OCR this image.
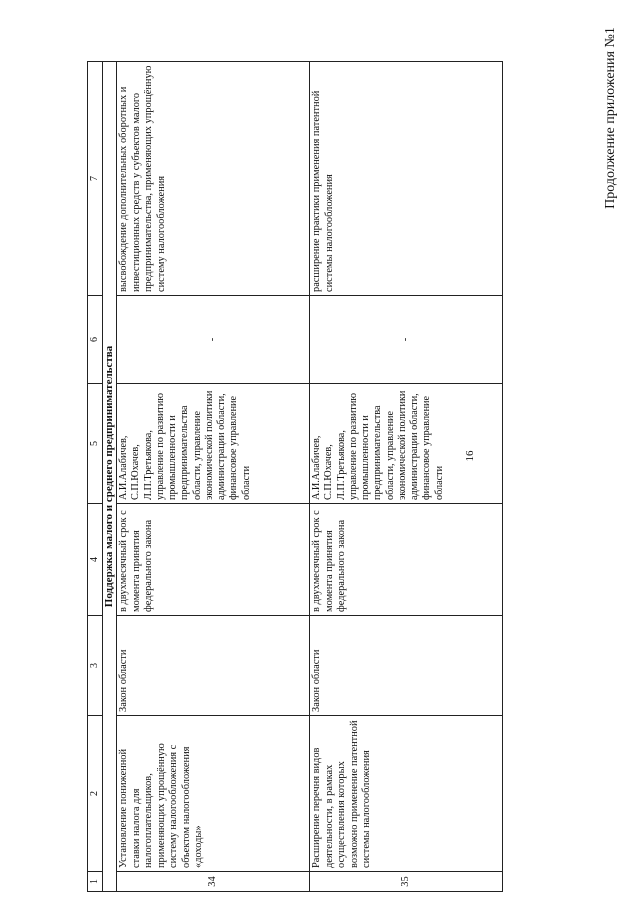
Продолжение приложения №1
16
1	2	3	4	5	6	7
Поддержка малого и среднего предпринимательства						
34	Установление пониженной ставки налога для налогоплательщиков, применяющих упрощённую систему налогообложения с объектом налогообложения «доходы»	Закон области	в двухмесячный срок с момента принятия федерального закона	А.И.Алабичев, С.П.Юхачев, Л.П.Третьякова, управление по развитию промышленности и предпринимательства области, управление экономической политики администрации области, финансовое управление области	-	высвобождение дополнительных оборотных и инвестиционных средств у субъектов малого предпринимательства, применяющих упрощённую систему налогообложения
35	Расширение перечня видов деятельности, в рамках осуществления которых возможно применение патентной системы налогообложения	Закон области	в двухмесячный срок с момента принятия федерального закона	А.И.Алабичев, С.П.Юхачев, Л.П.Третьякова, управление по развитию промышленности и предпринимательства области, управление экономической политики администрации области, финансовое управление области	-	расширение практики применения патентной системы налогообложения
